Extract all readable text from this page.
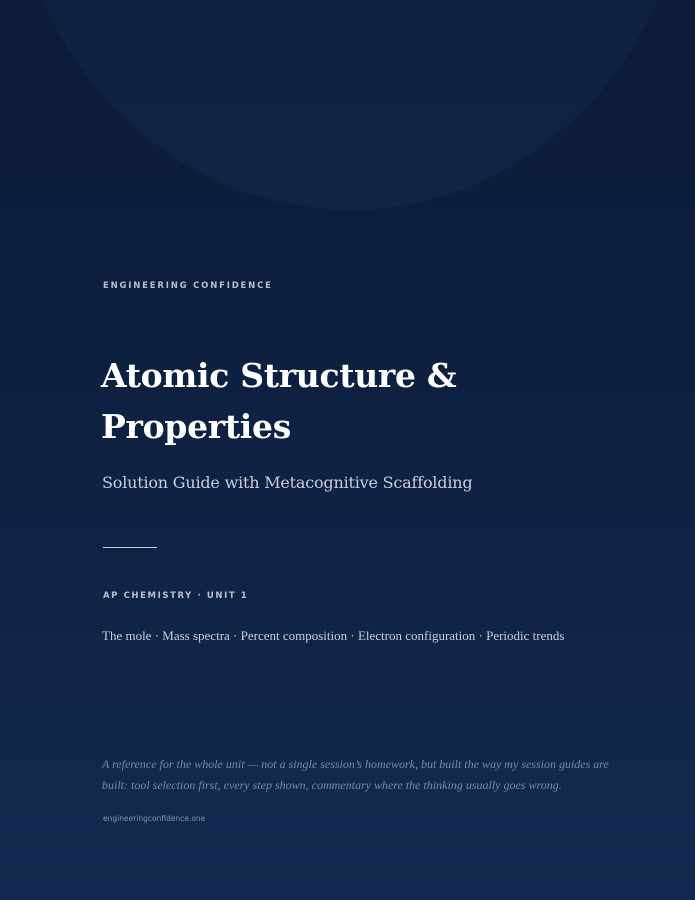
ENGINEERING CONFIDENCE

Atomic Structure & Properties

Solution Guide with Metacognitive Scaffolding

AP CHEMISTRY · UNIT 1

The mole · Mass spectra · Percent composition · Electron configuration · Periodic trends

A reference for the whole unit — not a single session’s homework, but built the way my session guides are built: tool selection first, every step shown, commentary where the thinking usually goes wrong.

engineeringconfidence.one
